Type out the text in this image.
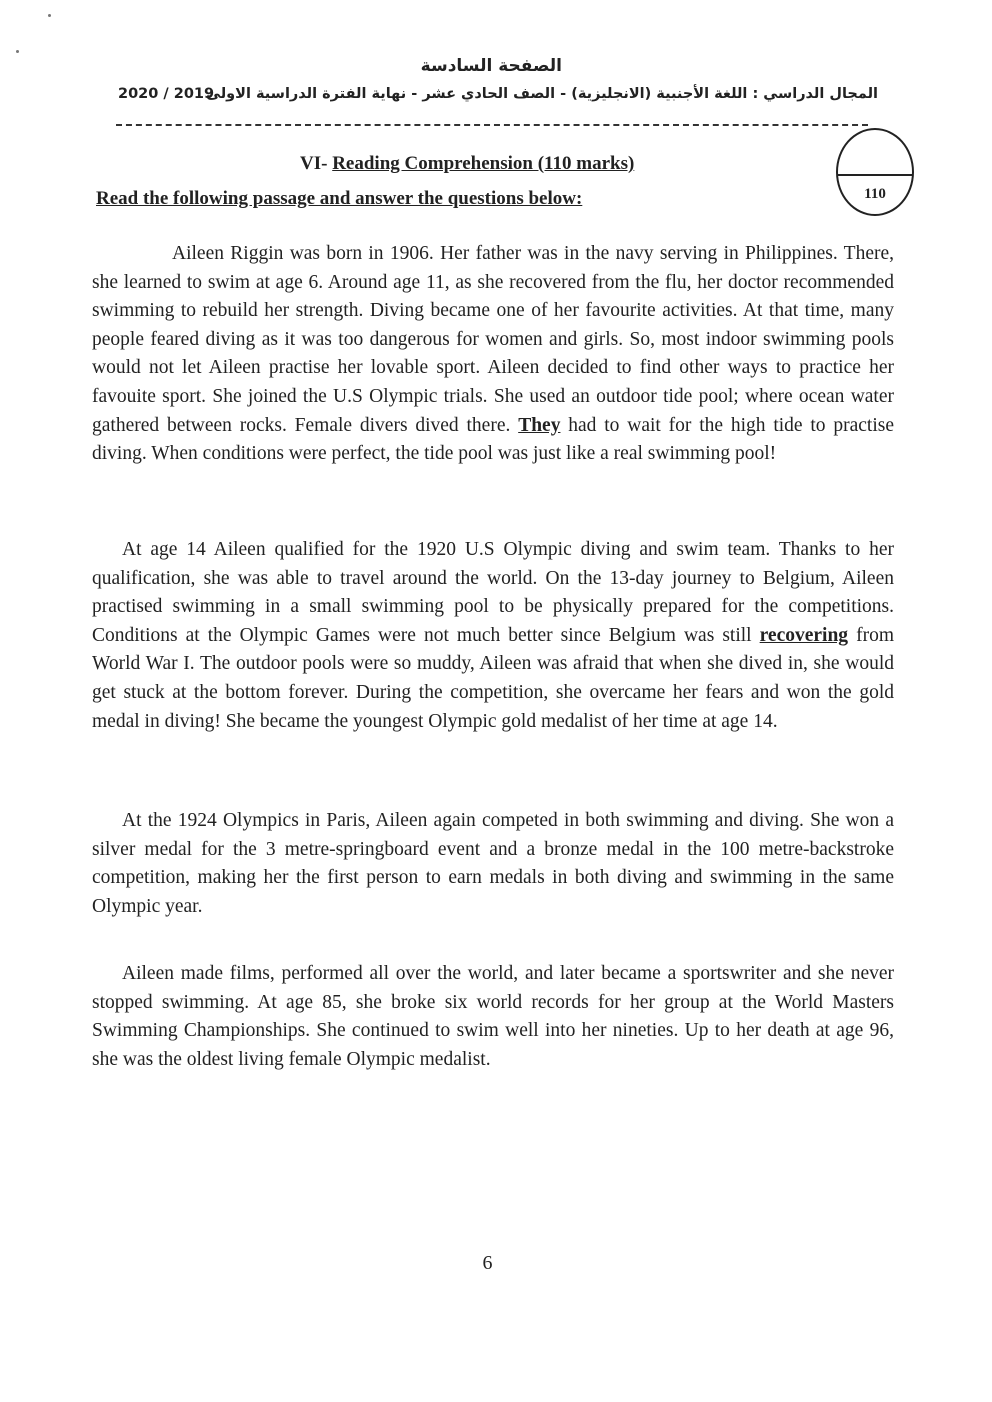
الصفحة السادسة
2020 / 2019
المجال الدراسي : اللغة الأجنبية (الانجليزية) - الصف الحادي عشر - نهاية الفترة الدراسية الاولى
110
VI- Reading Comprehension (110 marks)
Read the following passage and answer the questions below:

Aileen Riggin was born in 1906. Her father was in the navy serving in Philippines. There, she learned to swim at age 6. Around age 11, as she recovered from the flu, her doctor recommended swimming to rebuild her strength. Diving became one of her favourite activities. At that time, many people feared diving as it was too dangerous for women and girls. So, most indoor swimming pools would not let Aileen practise her lovable sport. Aileen decided to find other ways to practice her favouite sport. She joined the U.S Olympic trials. She used an outdoor tide pool; where ocean water gathered between rocks. Female divers dived there. They had to wait for the high tide to practise diving. When conditions were perfect, the tide pool was just like a real swimming pool!

At age 14 Aileen qualified for the 1920 U.S Olympic diving and swim team. Thanks to her qualification, she was able to travel around the world. On the 13-day journey to Belgium, Aileen practised swimming in a small swimming pool to be physically prepared for the competitions. Conditions at the Olympic Games were not much better since Belgium was still recovering from World War I. The outdoor pools were so muddy, Aileen was afraid that when she dived in, she would get stuck at the bottom forever. During the competition, she overcame her fears and won the gold medal in diving! She became the youngest Olympic gold medalist of her time at age 14.

At the 1924 Olympics in Paris, Aileen again competed in both swimming and diving. She won a silver medal for the 3 metre-springboard event and a bronze medal in the 100 metre-backstroke competition, making her the first person to earn medals in both diving and swimming in the same Olympic year.

Aileen made films, performed all over the world, and later became a sportswriter and she never stopped swimming. At age 85, she broke six world records for her group at the World Masters Swimming Championships. She continued to swim well into her nineties. Up to her death at age 96, she was the oldest living female Olympic medalist.

6
